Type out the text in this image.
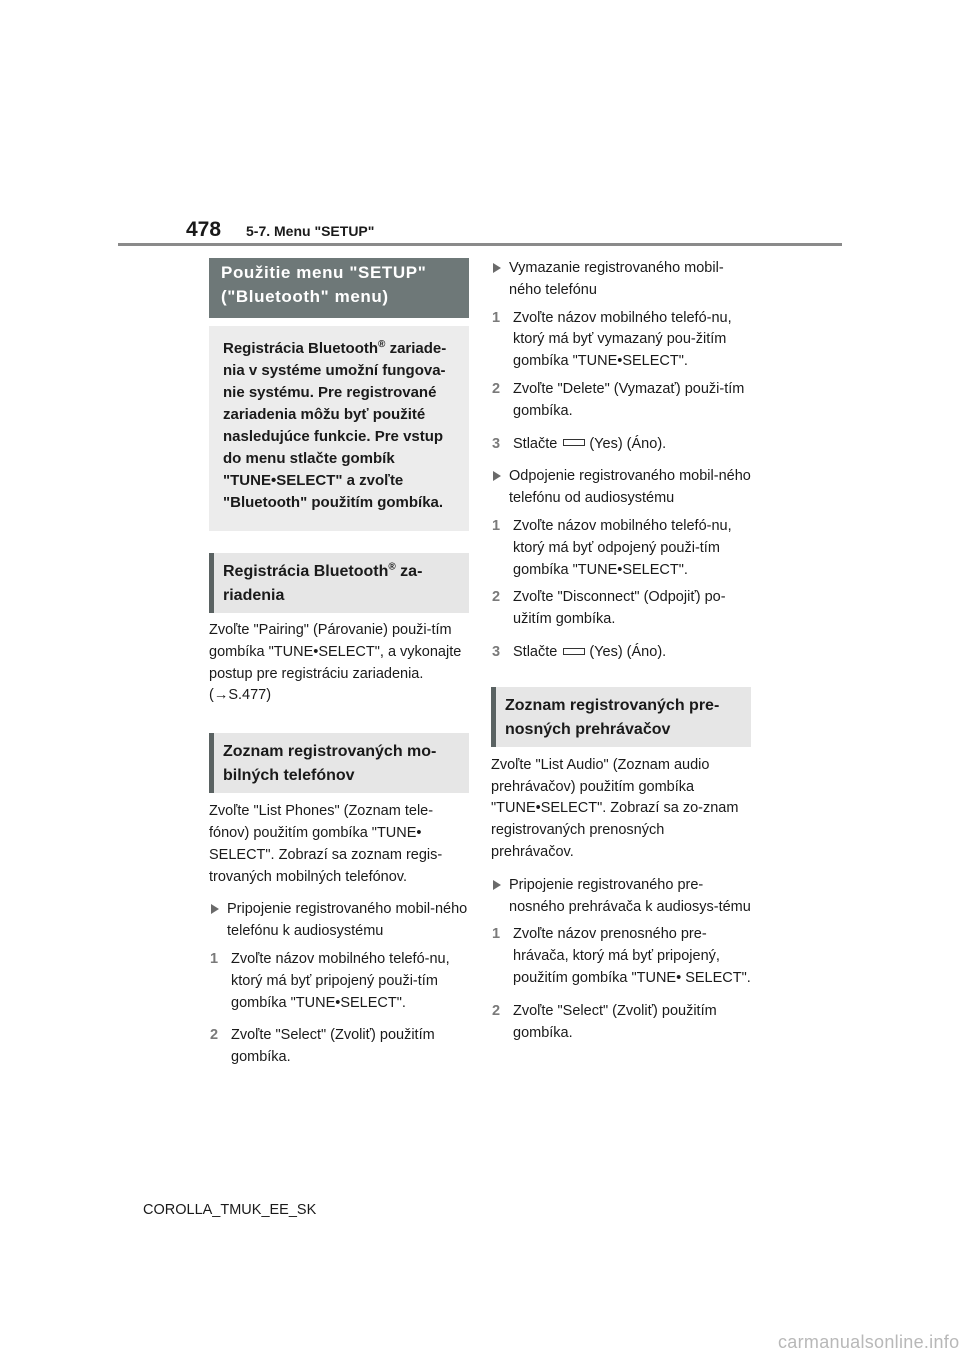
478 5-7. Menu "SETUP"
Použitie menu "SETUP" ("Bluetooth" menu)
Registrácia Bluetooth® zariade-nia v systéme umožní fungova-nie systému. Pre registrované zariadenia môžu byť použité nasledujúce funkcie. Pre vstup do menu stlačte gombík "TUNE•SELECT" a zvoľte "Bluetooth" použitím gombíka.
Registrácia Bluetooth® za-riadenia

Zvoľte "Pairing" (Párovanie) použi-tím gombíka "TUNE•SELECT", a vykonajte postup pre registráciu zariadenia. (→S.477)

Zoznam registrovaných mo-bilných telefónov

Zvoľte "List Phones" (Zoznam tele-fónov) použitím gombíka "TUNE• SELECT". Zobrazí sa zoznam regis-trovaných mobilných telefónov.

Pripojenie registrovaného mobil-ného telefónu k audiosystému
1 Zvoľte názov mobilného telefó-nu, ktorý má byť pripojený použi-tím gombíka "TUNE•SELECT".
2 Zvoľte "Select" (Zvoliť) použitím gombíka.
Vymazanie registrovaného mobil-ného telefónu
1 Zvoľte názov mobilného telefó-nu, ktorý má byť vymazaný pou-žitím gombíka "TUNE•SELECT".
2 Zvoľte "Delete" (Vymazať) použi-tím gombíka.
3 Stlačte (Yes) (Áno).
Odpojenie registrovaného mobil-ného telefónu od audiosystému
1 Zvoľte názov mobilného telefó-nu, ktorý má byť odpojený použi-tím gombíka "TUNE•SELECT".
2 Zvoľte "Disconnect" (Odpojiť) po-užitím gombíka.
3 Stlačte (Yes) (Áno).
Zoznam registrovaných pre-nosných prehrávačov

Zvoľte "List Audio" (Zoznam audio prehrávačov) použitím gombíka "TUNE•SELECT". Zobrazí sa zo-znam registrovaných prenosných prehrávačov.

Pripojenie registrovaného pre-nosného prehrávača k audiosys-tému
1 Zvoľte názov prenosného pre-hrávača, ktorý má byť pripojený, použitím gombíka "TUNE• SELECT".
2 Zvoľte "Select" (Zvoliť) použitím gombíka.
COROLLA_TMUK_EE_SK
carmanualsonline.info
